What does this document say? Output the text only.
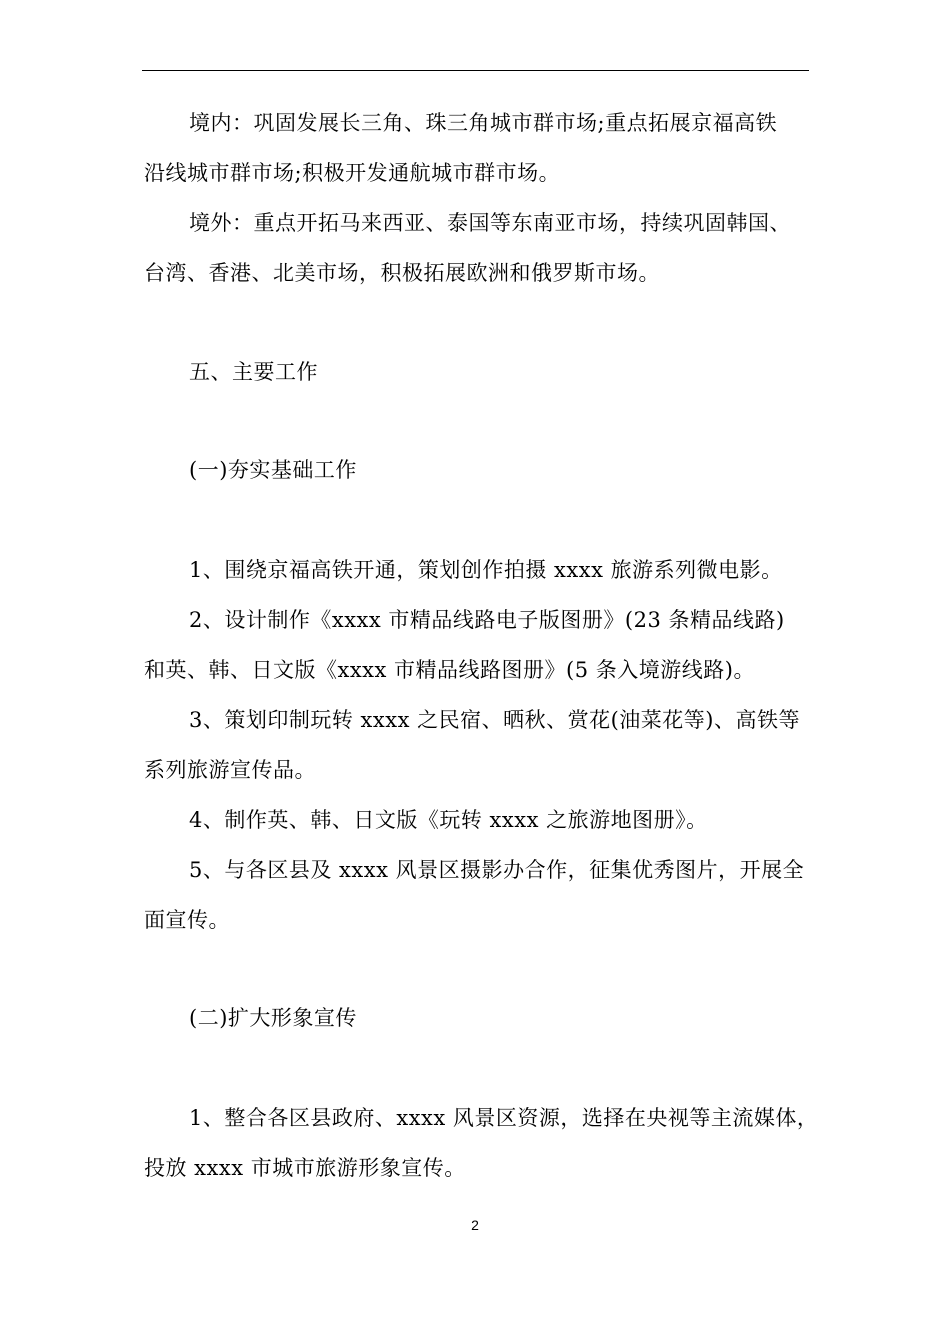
境内：巩固发展长三角、珠三角城市群市场;重点拓展京福高铁
沿线城市群市场;积极开发通航城市群市场。
境外：重点开拓马来西亚、泰国等东南亚市场，持续巩固韩国、
台湾、香港、北美市场，积极拓展欧洲和俄罗斯市场。
五、主要工作
(一)夯实基础工作
1、围绕京福高铁开通，策划创作拍摄 xxxx 旅游系列微电影。
2、设计制作《xxxx 市精品线路电子版图册》(23 条精品线路)
和英、韩、日文版《xxxx 市精品线路图册》(5 条入境游线路)。
3、策划印制玩转 xxxx 之民宿、晒秋、赏花(油菜花等)、高铁等
系列旅游宣传品。
4、制作英、韩、日文版《玩转 xxxx 之旅游地图册》。
5、与各区县及 xxxx 风景区摄影办合作，征集优秀图片，开展全
面宣传。
(二)扩大形象宣传
1、整合各区县政府、xxxx 风景区资源，选择在央视等主流媒体，
投放 xxxx 市城市旅游形象宣传。
2
